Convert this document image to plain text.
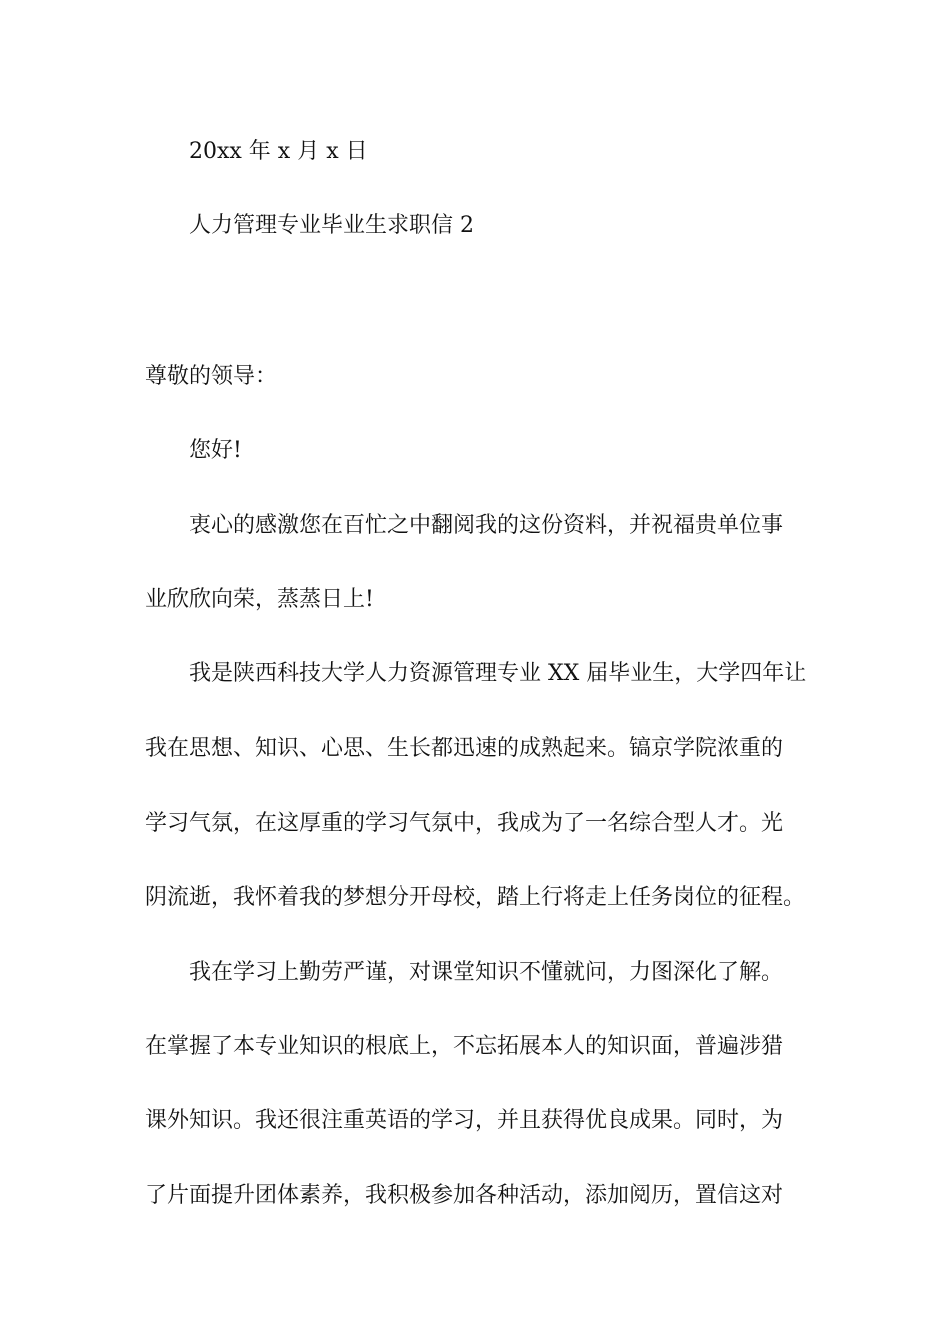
20xx 年 x 月 x 日

人力管理专业毕业生求职信 2

尊敬的领导：

您好!

衷心的感激您在百忙之中翻阅我的这份资料，并祝福贵单位事

业欣欣向荣，蒸蒸日上!

我是陕西科技大学人力资源管理专业 XX 届毕业生，大学四年让

我在思想、知识、心思、生长都迅速的成熟起来。镐京学院浓重的

学习气氛，在这厚重的学习气氛中，我成为了一名综合型人才。光

阴流逝，我怀着我的梦想分开母校，踏上行将走上任务岗位的征程。

我在学习上勤劳严谨，对课堂知识不懂就问，力图深化了解。

在掌握了本专业知识的根底上，不忘拓展本人的知识面，普遍涉猎

课外知识。我还很注重英语的学习，并且获得优良成果。同时，为

了片面提升团体素养，我积极参加各种活动，添加阅历，置信这对
